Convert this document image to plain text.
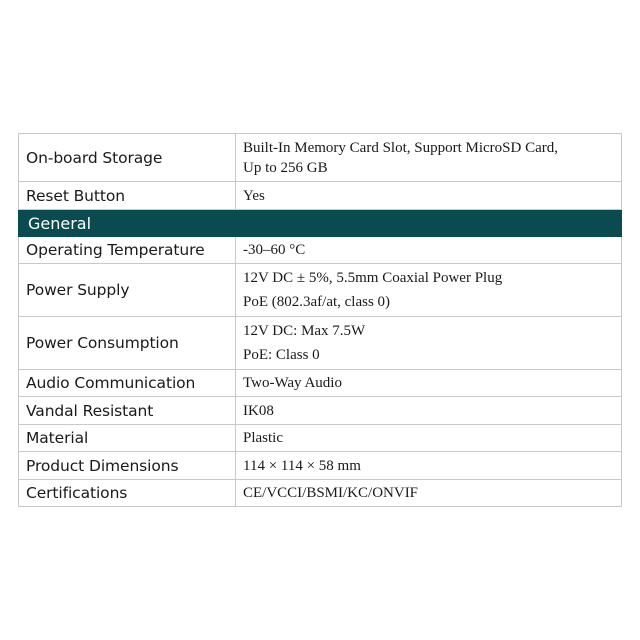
On-board Storage	Built-In Memory Card Slot, Support MicroSD Card,
Up to 256 GB

Reset Button	Yes

General	
Operating Temperature	-30–60 °C

Power Supply	12V DC ± 5%, 5.5mm Coaxial Power Plug
PoE (802.3af/at, class 0)

Power Consumption	12V DC: Max 7.5W
PoE: Class 0

Audio Communication	Two-Way Audio

Vandal Resistant	IK08

Material	Plastic

Product Dimensions	114 × 114 × 58 mm

Certifications	CE/VCCI/BSMI/KC/ONVIF
